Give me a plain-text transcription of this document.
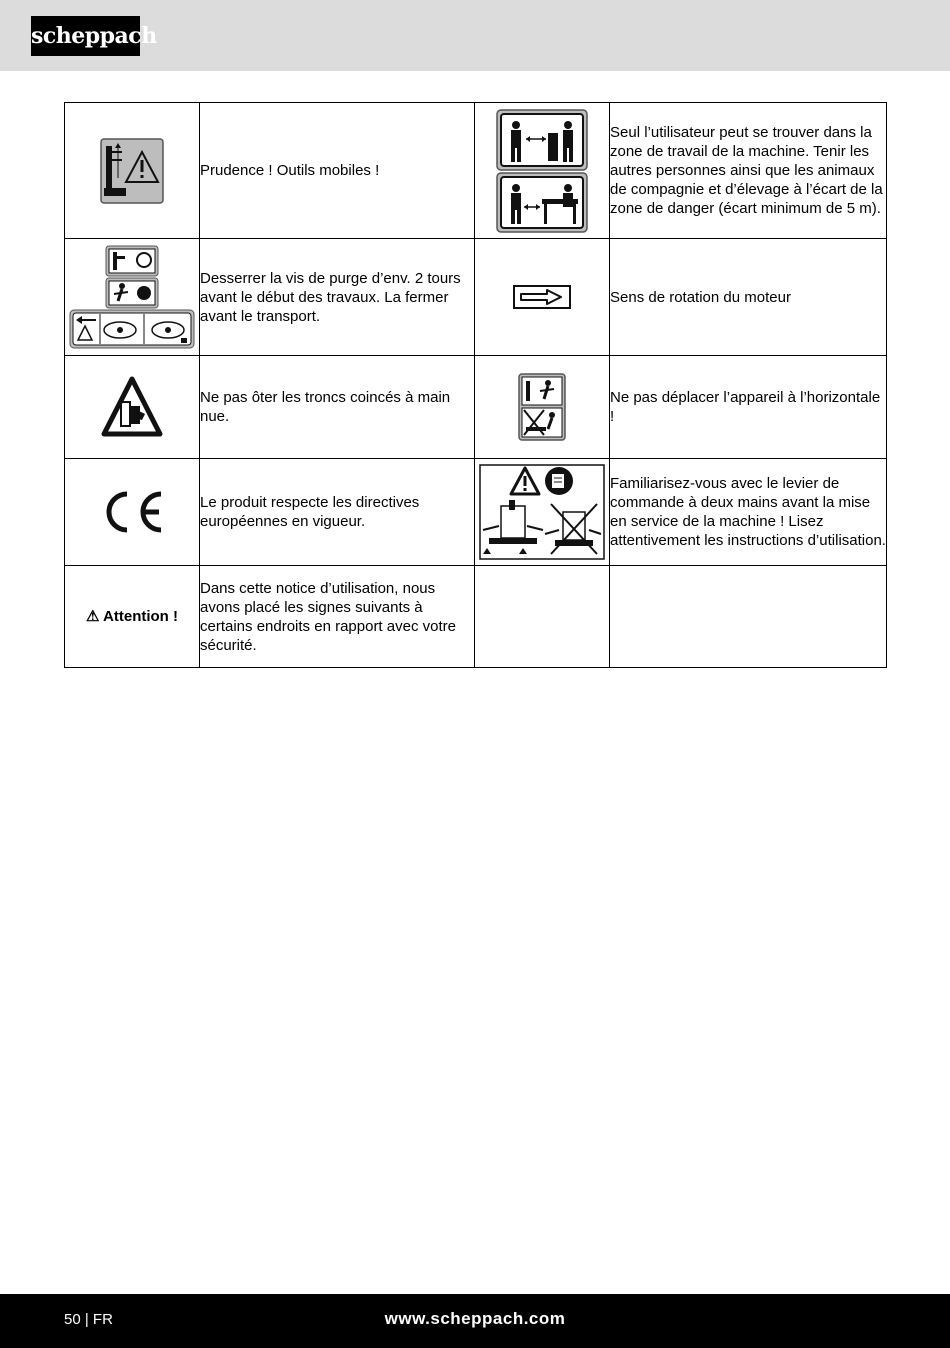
scheppach
	Prudence ! Outils mobiles !		Seul l’utilisateur peut se trouver dans la zone de travail de la machine. Tenir les autres personnes ainsi que les animaux de compagnie et d’élevage à l’écart de la zone de danger (écart minimum de 5 m).
	Desserrer la vis de purge d’env. 2 tours avant le début des travaux. La fermer avant le transport.		Sens de rotation du moteur
	Ne pas ôter les troncs coincés à main nue.		Ne pas déplacer l’appareil à l’horizontale !
	Le produit respecte les directives européennes en vigueur.		Familiarisez-vous avec le levier de commande à deux mains avant la mise en service de la machine ! Lisez attentivement les instructions d’utilisation.
⚠ Attention !	Dans cette notice d’utilisation, nous avons placé les signes suivants à certains endroits en rapport avec votre sécurité.		
50 | FR	www.scheppach.com
